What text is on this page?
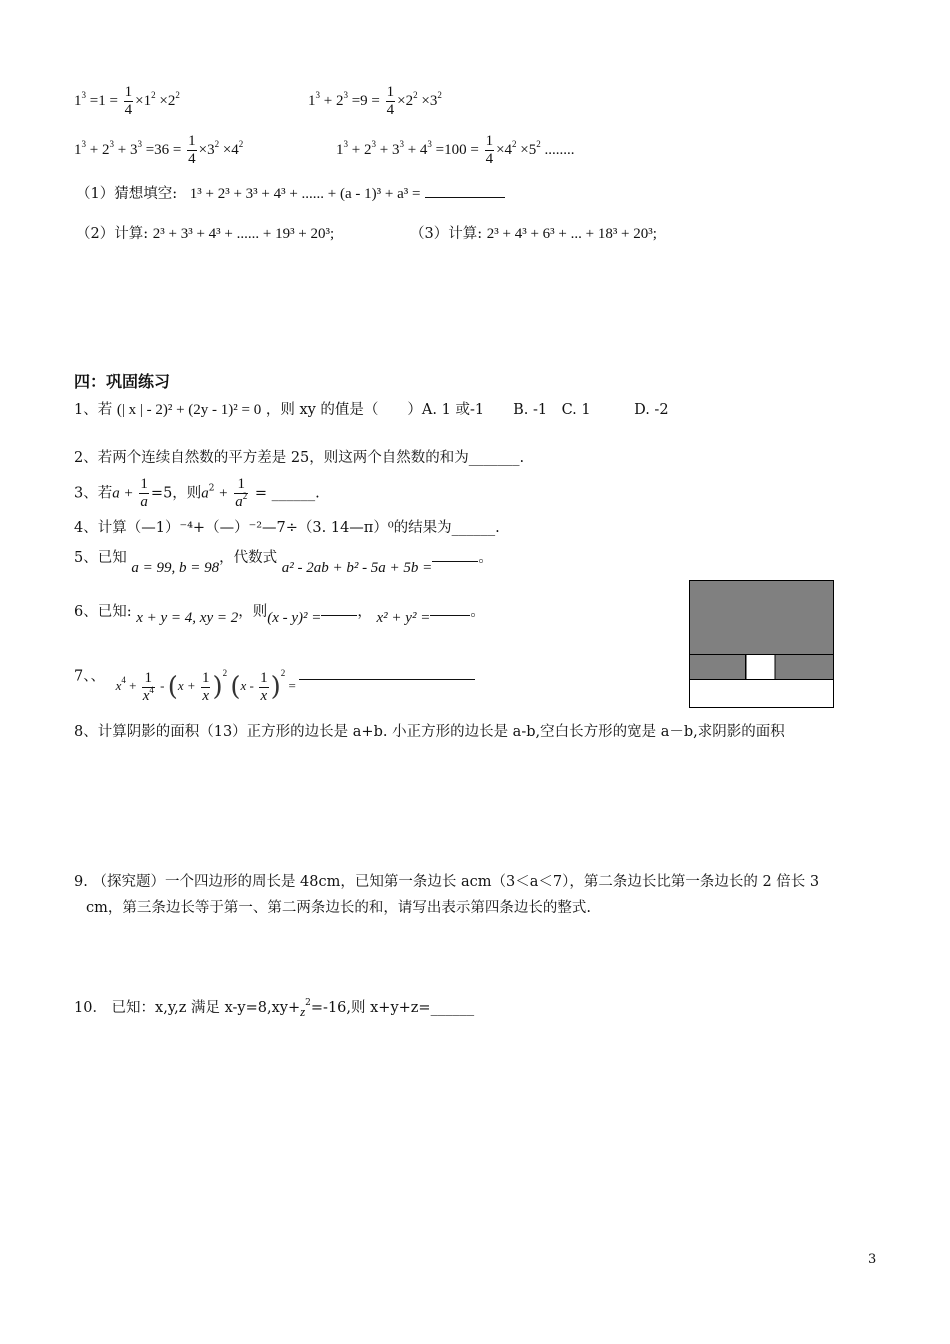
$1^3 =1 = \frac{1}{4} \times 1^2 \times 2^2$	$1^3 + 2^3 =9 = \frac{1}{4} \times 2^2 \times 3^2$
$1^3 + 2^3 + 3^3 =36 = \frac{1}{4} \times 3^2 \times 4^2$	$1^3 + 2^3 + 3^3 + 4^3 =100 = \frac{1}{4} \times 4^2 \times 5^2$ ........
（1）猜想填空: 1³ + 2³ + 3³ + 4³ + ...... + (a - 1)³ + a³ =
（2）计算: 2³ + 3³ + 4³ + ...... + 19³ + 20³;	（3）计算: 2³ + 4³ + 6³ + ... + 18³ + 20³;
四：巩固练习
1、若 (| x | - 2)² + (2y - 1)² = 0 ，则 xy 的值是（　　）A. 1 或-1　　B. -1　C. 1　　　D. -2
2、若两个连续自然数的平方差是 25，则这两个自然数的和为_______.
3、若$a + \frac{1}{a} =5$，则$a^2 + \frac{1}{a^2}$ = ______.
4、计算（—1）⁻⁴+（—）⁻²—7÷（3. 14—π）⁰的结果为______.
5、已知 a = 99, b = 98，代数式 a² - 2ab + b² - 5a + 5b =。
6、已知: x + y = 4, xy = 2，则(x - y)² = ， x² + y² =	。
7、、 $x^4 + \frac{1}{x^4} - (x + \frac{1}{x} )^2$ $(x - \frac{1}{x} )^2$ =
8、计算阴影的面积（13）正方形的边长是 a+b. 小正方形的边长是 a-b,空白长方形的宽是 a－b,求阴影的面积
9. （探究题）一个四边形的周长是 48cm，已知第一条边长 acm（3＜a＜7），第二条边长比第一条边长的 2 倍长 3
cm，第三条边长等于第一、第二两条边长的和，请写出表示第四条边长的整式.
10． 已知：x,y,z 满足 $x-y=8,xy+z^2=-16$,则 x+y+z=______
3
